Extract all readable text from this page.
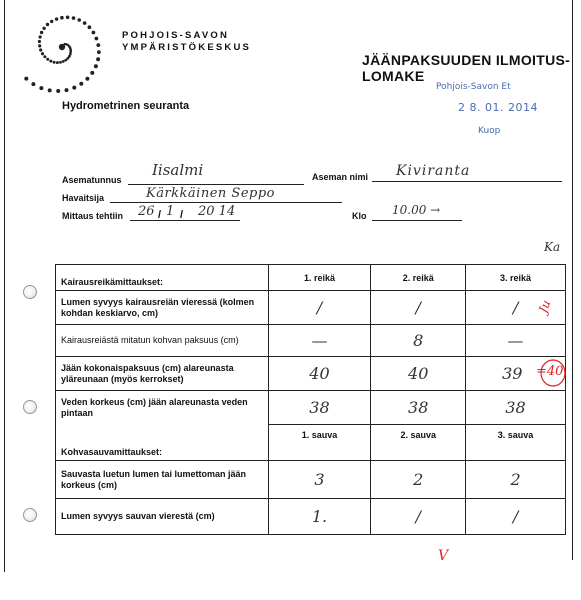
POHJOIS-SAVON
YMPÄRISTÖKESKUS
JÄÄNPAKSUUDEN ILMOITUS-
LOMAKE
Pohjois-Savon Et
2 8. 01. 2014
Kuop
Hydrometrinen seuranta
Asematunnus
Iisalmi	Aseman nimi Kiviranta
Havaitsija	Kärkkäinen Seppo
Mittaus tehtiin 26 1 20 14
/ /	Klo 10.00 →
Ka
Kairausreikämittaukset:	1. reikä	2. reikä	3. reikä
Lumen syvyys kairausreiän vieressä (kolmen kohdan keskiarvo, cm)	/	/	/
Kairausreiästä mitatun kohvan paksuus (cm)	—	8	—
Jään kokonaispaksuus (cm) alareunasta yläreunaan (myös kerrokset)	40	40	39
Veden korkeus (cm) jään alareunasta veden pintaan	38	38	38
Kohvasauvamittaukset:	1. sauva	2. sauva	3. sauva
Sauvasta luetun lumen tai lumettoman jään korkeus (cm)	3	2	2
Lumen syvyys sauvan vierestä (cm)	1.	/	/
=40
Ju
V
